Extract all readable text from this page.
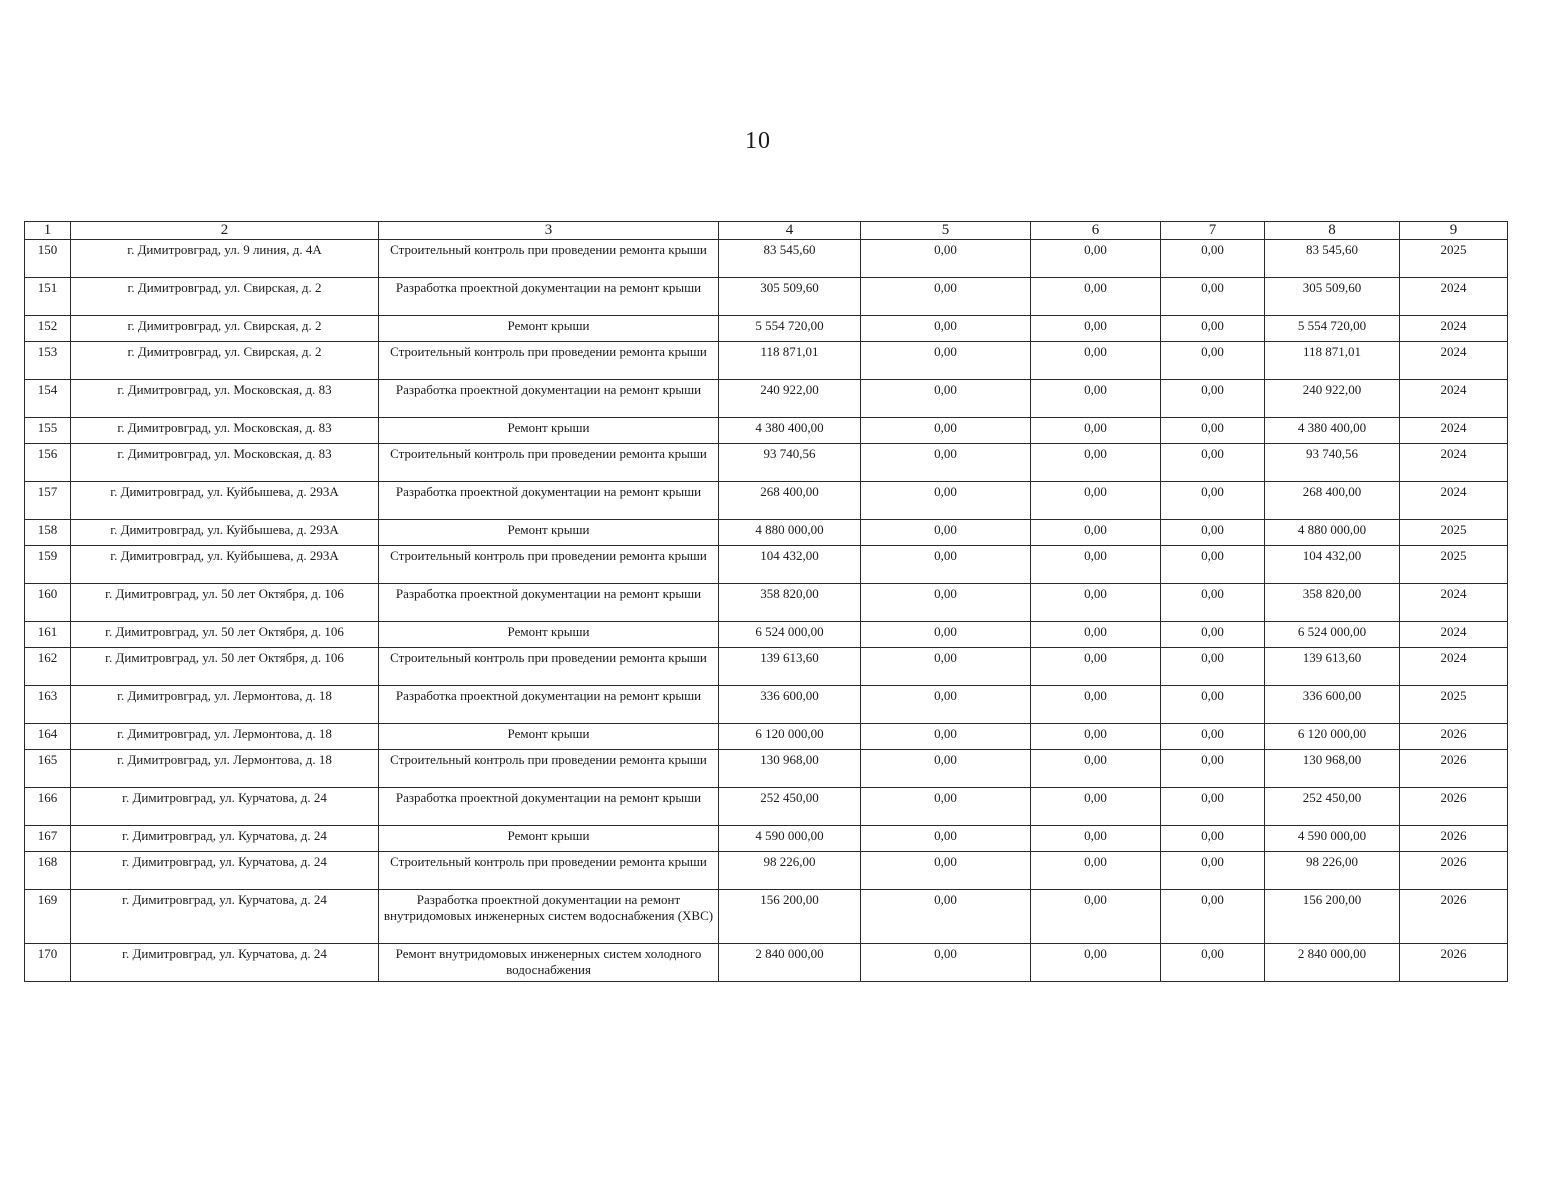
10
1	2	3	4	5	6	7	8	9
150	г. Димитровград, ул. 9 линия, д. 4А	Строительный контроль при проведении ремонта крыши	83 545,60	0,00	0,00	0,00	83 545,60	2025
151	г. Димитровград, ул. Свирская, д. 2	Разработка проектной документации на ремонт крыши	305 509,60	0,00	0,00	0,00	305 509,60	2024
152	г. Димитровград, ул. Свирская, д. 2	Ремонт крыши	5 554 720,00	0,00	0,00	0,00	5 554 720,00	2024
153	г. Димитровград, ул. Свирская, д. 2	Строительный контроль при проведении ремонта крыши	118 871,01	0,00	0,00	0,00	118 871,01	2024
154	г. Димитровград, ул. Московская, д. 83	Разработка проектной документации на ремонт крыши	240 922,00	0,00	0,00	0,00	240 922,00	2024
155	г. Димитровград, ул. Московская, д. 83	Ремонт крыши	4 380 400,00	0,00	0,00	0,00	4 380 400,00	2024
156	г. Димитровград, ул. Московская, д. 83	Строительный контроль при проведении ремонта крыши	93 740,56	0,00	0,00	0,00	93 740,56	2024
157	г. Димитровград, ул. Куйбышева, д. 293А	Разработка проектной документации на ремонт крыши	268 400,00	0,00	0,00	0,00	268 400,00	2024
158	г. Димитровград, ул. Куйбышева, д. 293А	Ремонт крыши	4 880 000,00	0,00	0,00	0,00	4 880 000,00	2025
159	г. Димитровград, ул. Куйбышева, д. 293А	Строительный контроль при проведении ремонта крыши	104 432,00	0,00	0,00	0,00	104 432,00	2025
160	г. Димитровград, ул. 50 лет Октября, д. 106	Разработка проектной документации на ремонт крыши	358 820,00	0,00	0,00	0,00	358 820,00	2024
161	г. Димитровград, ул. 50 лет Октября, д. 106	Ремонт крыши	6 524 000,00	0,00	0,00	0,00	6 524 000,00	2024
162	г. Димитровград, ул. 50 лет Октября, д. 106	Строительный контроль при проведении ремонта крыши	139 613,60	0,00	0,00	0,00	139 613,60	2024
163	г. Димитровград, ул. Лермонтова, д. 18	Разработка проектной документации на ремонт крыши	336 600,00	0,00	0,00	0,00	336 600,00	2025
164	г. Димитровград, ул. Лермонтова, д. 18	Ремонт крыши	6 120 000,00	0,00	0,00	0,00	6 120 000,00	2026
165	г. Димитровград, ул. Лермонтова, д. 18	Строительный контроль при проведении ремонта крыши	130 968,00	0,00	0,00	0,00	130 968,00	2026
166	г. Димитровград, ул. Курчатова, д. 24	Разработка проектной документации на ремонт крыши	252 450,00	0,00	0,00	0,00	252 450,00	2026
167	г. Димитровград, ул. Курчатова, д. 24	Ремонт крыши	4 590 000,00	0,00	0,00	0,00	4 590 000,00	2026
168	г. Димитровград, ул. Курчатова, д. 24	Строительный контроль при проведении ремонта крыши	98 226,00	0,00	0,00	0,00	98 226,00	2026
169	г. Димитровград, ул. Курчатова, д. 24	Разработка проектной документации на ремонт внутридомовых инженерных систем водоснабжения (ХВС)	156 200,00	0,00	0,00	0,00	156 200,00	2026
170	г. Димитровград, ул. Курчатова, д. 24	Ремонт внутридомовых инженерных систем холодного водоснабжения	2 840 000,00	0,00	0,00	0,00	2 840 000,00	2026
